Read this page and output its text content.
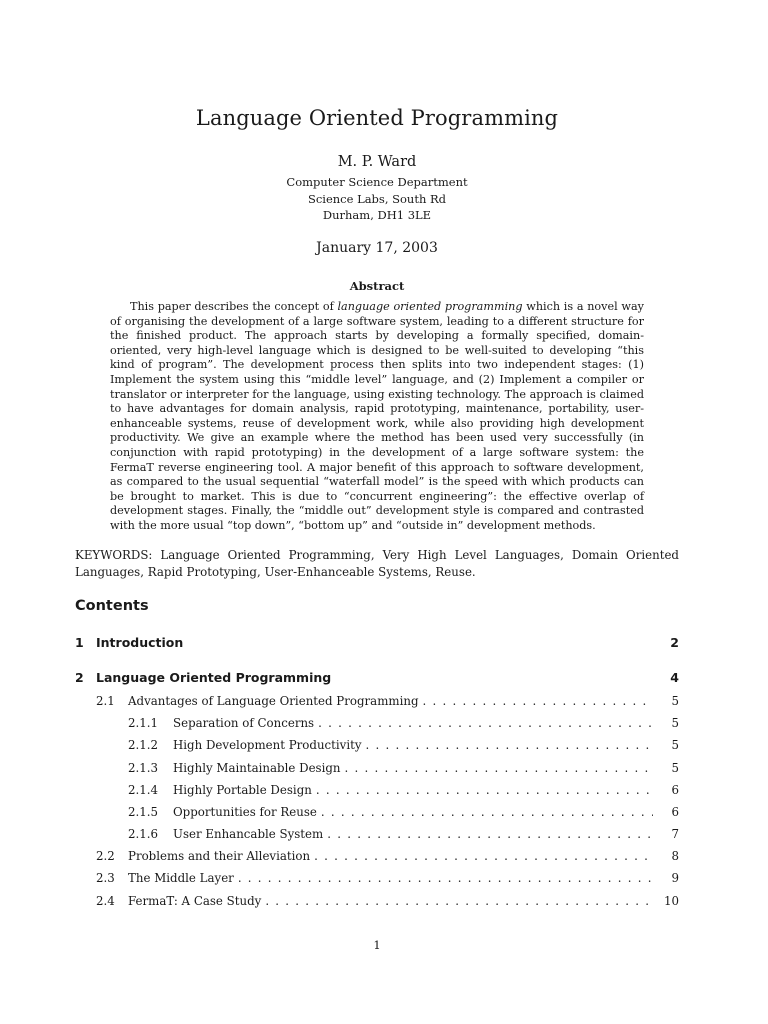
Language Oriented Programming
M. P. Ward
Computer Science Department
Science Labs, South Rd
Durham, DH1 3LE
January 17, 2003
Abstract
This paper describes the concept of language oriented programming which is a novel way of organising the development of a large software system, leading to a different structure for the finished product. The approach starts by developing a formally specified, domain-oriented, very high-level language which is designed to be well-suited to developing “this kind of program”. The development process then splits into two independent stages: (1) Implement the system using this “middle level” language, and (2) Implement a compiler or translator or interpreter for the language, using existing technology. The approach is claimed to have advantages for domain analysis, rapid prototyping, maintenance, portability, user-enhanceable systems, reuse of development work, while also providing high development productivity. We give an example where the method has been used very successfully (in conjunction with rapid prototyping) in the development of a large software system: the FermaT reverse engineering tool. A major benefit of this approach to software development, as compared to the usual sequential “waterfall model” is the speed with which products can be brought to market. This is due to “concurrent engineering”: the effective overlap of development stages. Finally, the “middle out” development style is compared and contrasted with the more usual “top down”, “bottom up” and “outside in” development methods.
KEYWORDS: Language Oriented Programming, Very High Level Languages, Domain Oriented Languages, Rapid Prototyping, User-Enhanceable Systems, Reuse.
Contents
1 Introduction	2
2 Language Oriented Programming	4
2.1	Advantages of Language Oriented Programming . . .	5
2.1.1	Separation of Concerns . . .	5
2.1.2	High Development Productivity . . .	5
2.1.3	Highly Maintainable Design . . .	5
2.1.4	Highly Portable Design . . .	6
2.1.5	Opportunities for Reuse . . .	6
2.1.6	User Enhancable System . . .	7
2.2	Problems and their Alleviation . . .	8
2.3	The Middle Layer . . .	9
2.4	FermaT: A Case Study . . .	10
1
